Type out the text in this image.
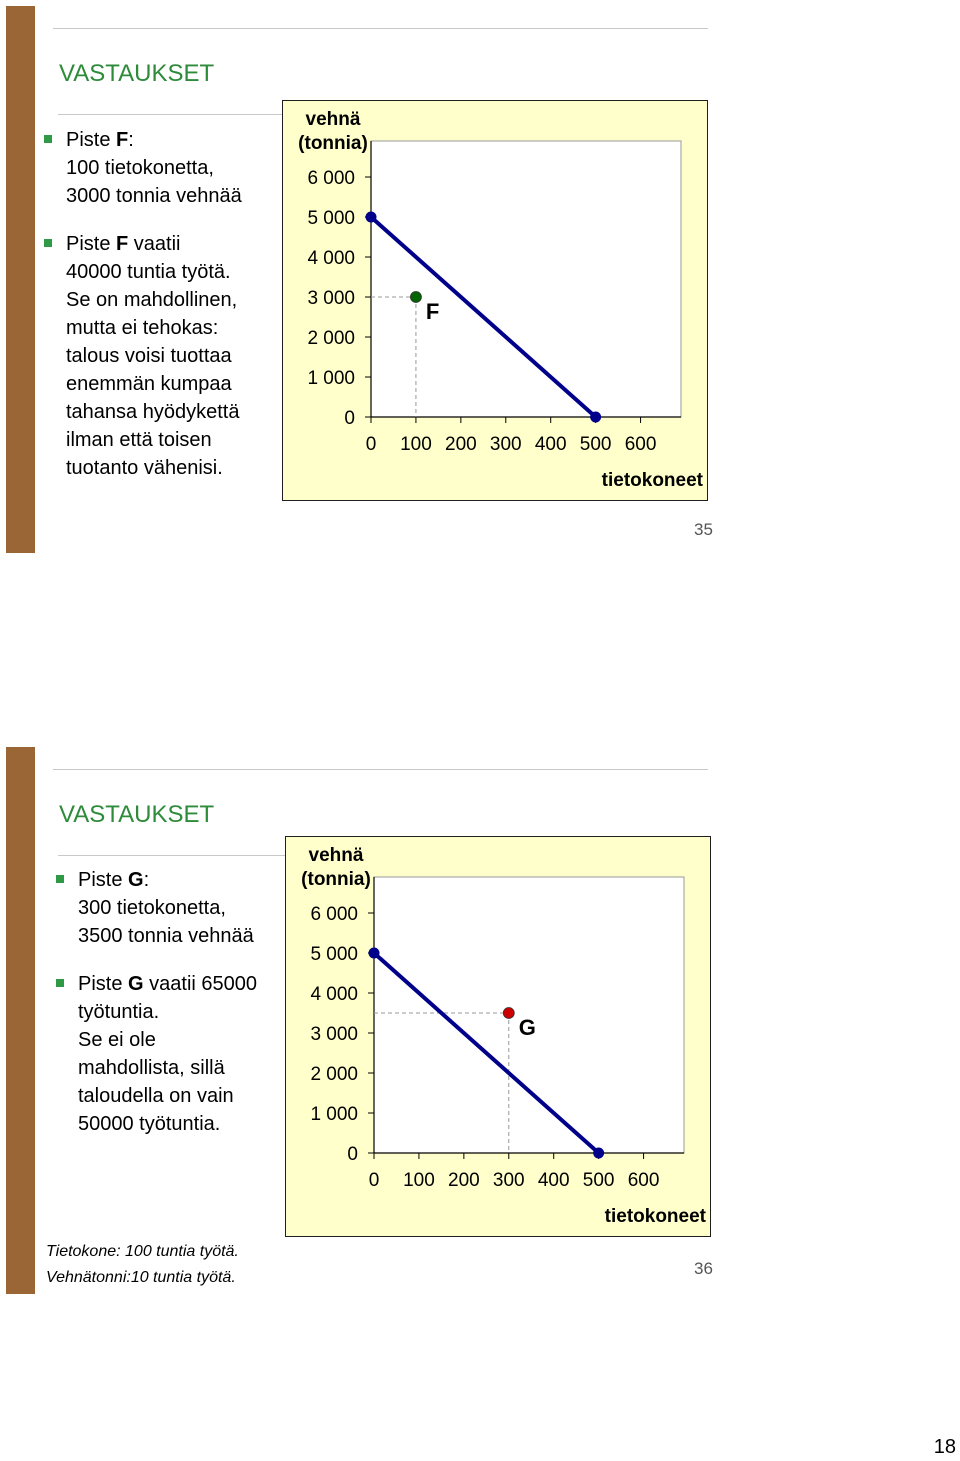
VASTAUKSET
Piste F:
100 tietokonetta,
3000 tonnia vehnää
Piste F vaatii
40000 tuntia työtä.
Se on mahdollinen,
mutta ei tehokas:
talous voisi tuottaa
enemmän kumpaa
tahansa hyödykettä
ilman että toisen
tuotanto vähenisi.
35
vehnä
(tonnia)
0
1 000
2 000
3 000
4 000
5 000
6 000
0 100 200 300 400 500 600
tietokoneet
F
VASTAUKSET
Piste G:
300 tietokonetta,
3500 tonnia vehnää
Piste G vaatii 65000
työtuntia.
Se ei ole
mahdollista, sillä
taloudella on vain
50000 työtuntia.
Tietokone: 100 tuntia työtä.
Vehnätonni:10 tuntia työtä.	36
vehnä
(tonnia)
0
1 000
2 000
3 000
4 000
5 000
6 000
0 100 200 300 400 500 600
tietokoneet
G
18
